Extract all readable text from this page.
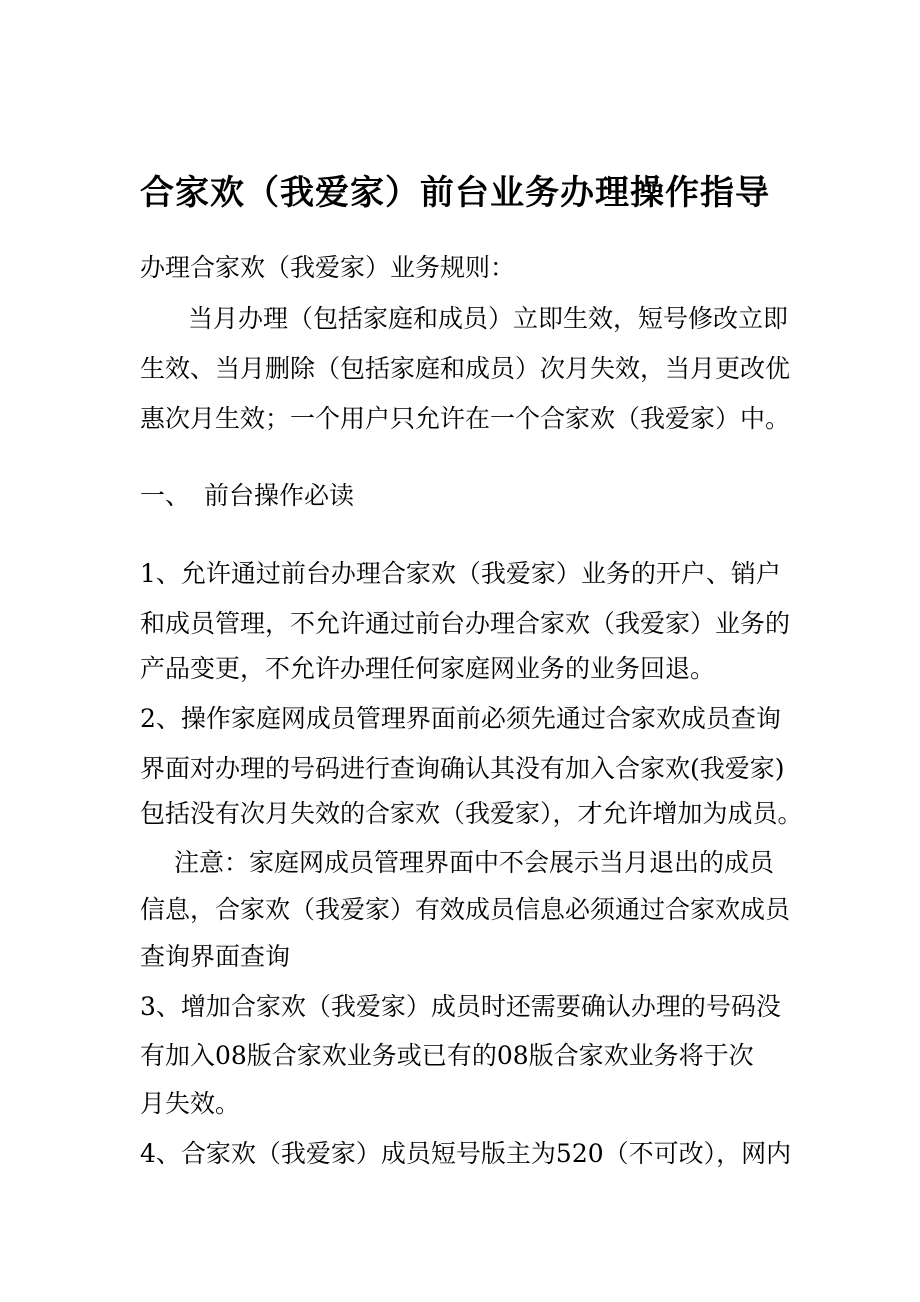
合家欢（我爱家）前台业务办理操作指导
办理合家欢（我爱家）业务规则：
当月办理（包括家庭和成员）立即生效，短号修改立即
生效、当月删除（包括家庭和成员）次月失效，当月更改优
惠次月生效；一个用户只允许在一个合家欢（我爱家）中。
一、 前台操作必读
1、允许通过前台办理合家欢（我爱家）业务的开户、销户
和成员管理，不允许通过前台办理合家欢（我爱家）业务的
产品变更，不允许办理任何家庭网业务的业务回退。
2、操作家庭网成员管理界面前必须先通过合家欢成员查询
界面对办理的号码进行查询确认其没有加入合家欢(我爱家)
包括没有次月失效的合家欢（我爱家），才允许增加为成员。
注意：家庭网成员管理界面中不会展示当月退出的成员
信息，合家欢（我爱家）有效成员信息必须通过合家欢成员
查询界面查询
3、增加合家欢（我爱家）成员时还需要确认办理的号码没
有加入08版合家欢业务或已有的08版合家欢业务将于次
月失效。
4、合家欢（我爱家）成员短号版主为520（不可改），网内
